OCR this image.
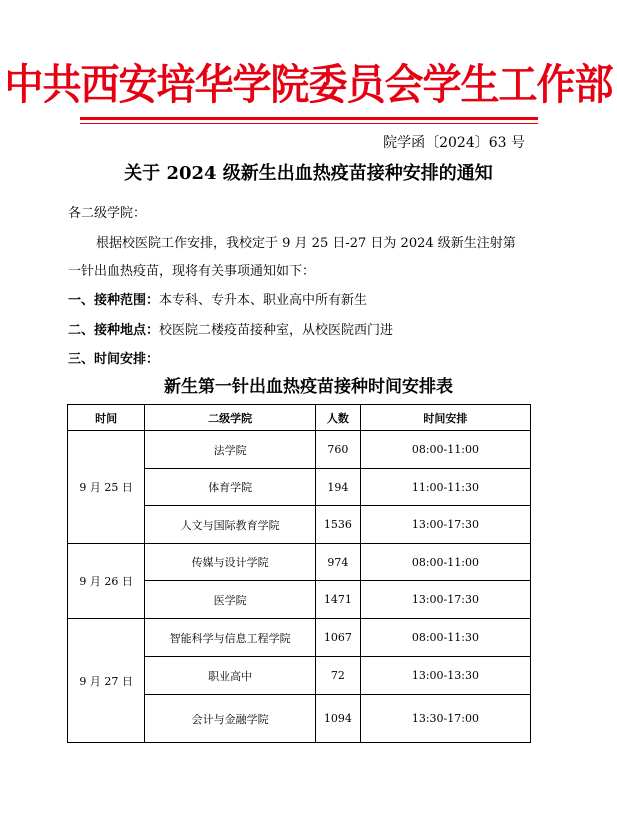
中共西安培华学院委员会学生工作部
院学函〔2024〕63 号
关于 2024 级新生出血热疫苗接种安排的通知
各二级学院：
根据校医院工作安排，我校定于 9 月 25 日-27 日为 2024 级新生注射第
一针出血热疫苗，现将有关事项通知如下：
一、接种范围：本专科、专升本、职业高中所有新生
二、接种地点：校医院二楼疫苗接种室，从校医院西门进
三、时间安排：
新生第一针出血热疫苗接种时间安排表
时间	二级学院	人数	时间安排
9 月 25 日	法学院	760	08:00-11:00
	体育学院	194	11:00-11:30
	人文与国际教育学院	1536	13:00-17:30
9 月 26 日	传媒与设计学院	974	08:00-11:00
	医学院	1471	13:00-17:30
9 月 27 日	智能科学与信息工程学院	1067	08:00-11:30
	职业高中	72	13:00-13:30
	会计与金融学院	1094	13:30-17:00
